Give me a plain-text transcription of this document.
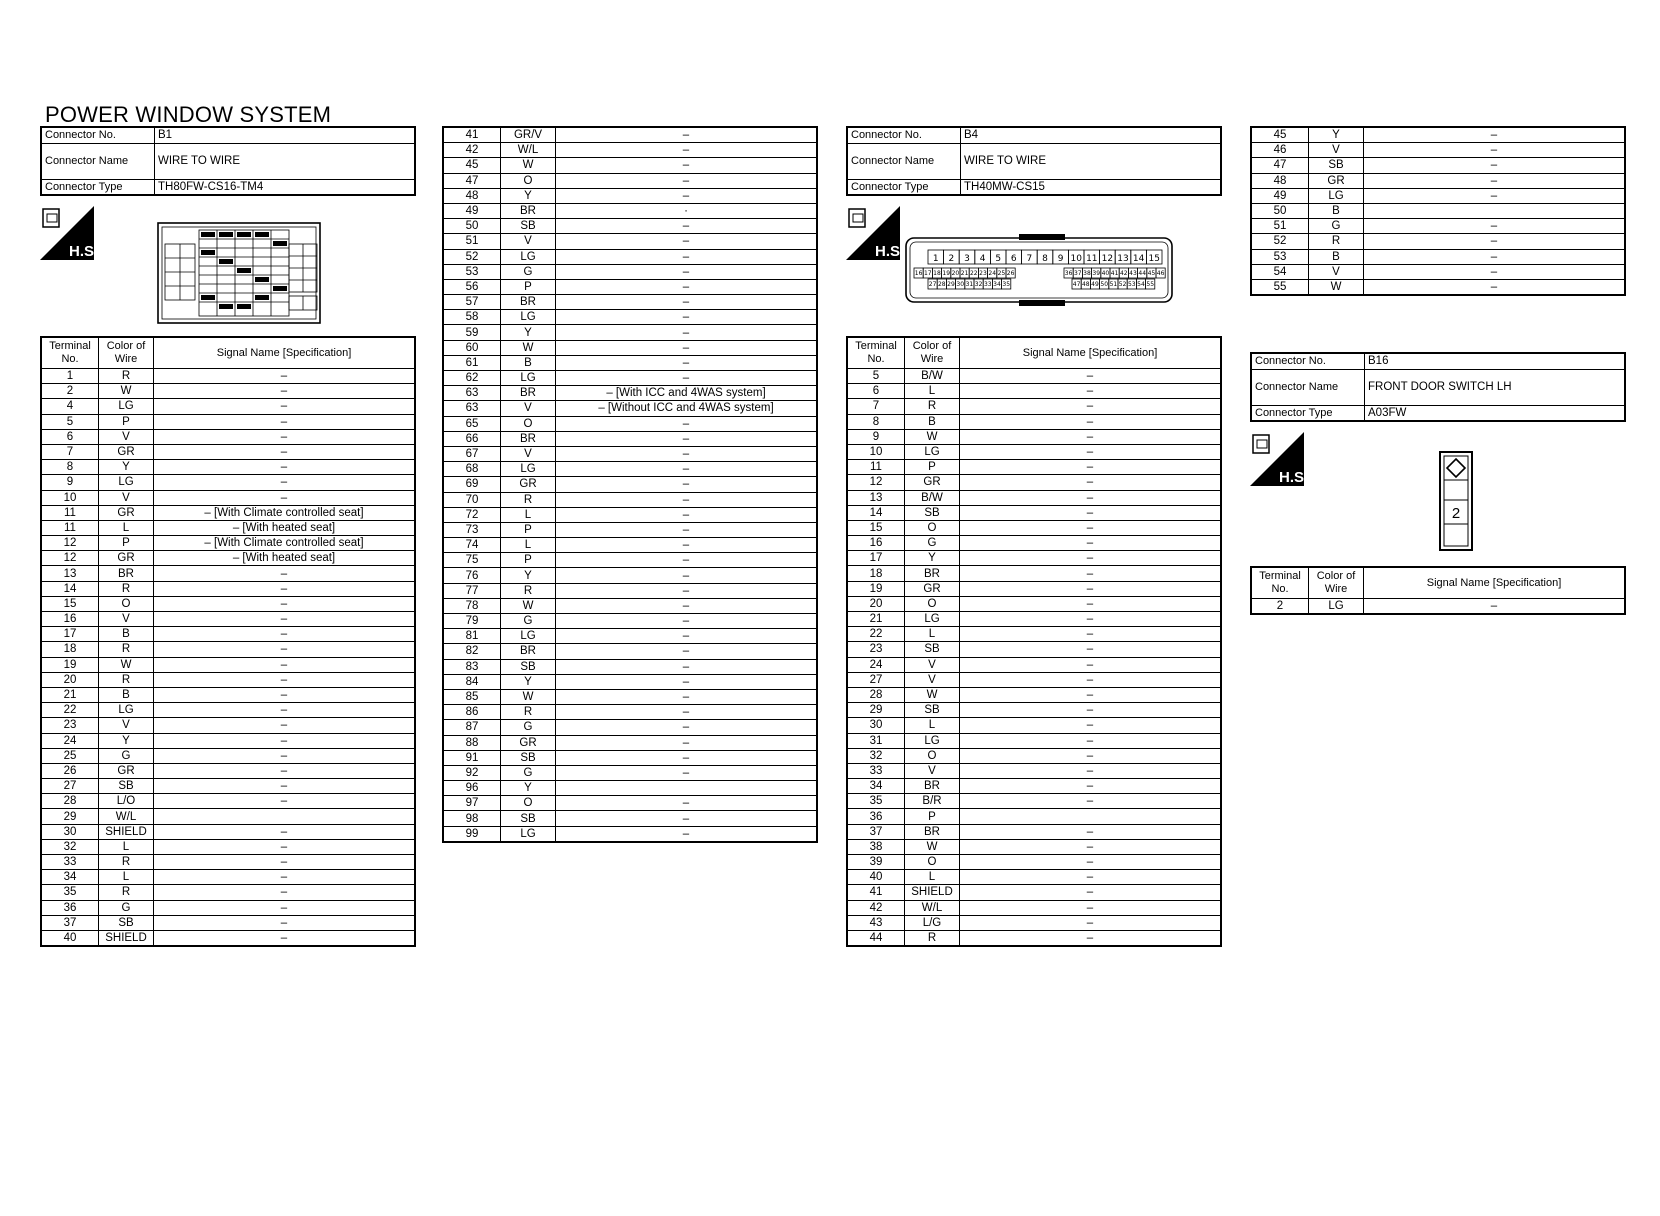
POWER WINDOW SYSTEM
Connector No.	B1
Connector Name	WIRE TO WIRE
Connector Type	TH80FW-CS16-TM4
H.S.
Terminal No.	Color of Wire	Signal Name [Specification]
1	R	–
2	W	–
4	LG	–
5	P	–
6	V	–
7	GR	–
8	Y	–
9	LG	–
10	V	–
11	GR	– [With Climate controlled seat]
11	L	– [With heated seat]
12	P	– [With Climate controlled seat]
12	GR	– [With heated seat]
13	BR	–
14	R	–
15	O	–
16	V	–
17	B	–
18	R	–
19	W	–
20	R	–
21	B	–
22	LG	–
23	V	–
24	Y	–
25	G	–
26	GR	–
27	SB	–
28	L/O	–
29	W/L	
30	SHIELD	–
32	L	–
33	R	–
34	L	–
35	R	–
36	G	–
37	SB	–
40	SHIELD	–
41	GR/V	–
42	W/L	–
45	W	–
47	O	–
48	Y	–
49	BR	·
50	SB	–
51	V	–
52	LG	–
53	G	–
56	P	–
57	BR	–
58	LG	–
59	Y	–
60	W	–
61	B	–
62	LG	–
63	BR	– [With ICC and 4WAS system]
63	V	– [Without ICC and 4WAS system]
65	O	–
66	BR	–
67	V	–
68	LG	–
69	GR	–
70	R	–
72	L	–
73	P	–
74	L	–
75	P	–
76	Y	–
77	R	–
78	W	–
79	G	–
81	LG	–
82	BR	–
83	SB	–
84	Y	–
85	W	–
86	R	–
87	G	–
88	GR	–
91	SB	–
92	G	–
96	Y	
97	O	–
98	SB	–
99	LG	–
Connector No.	B4
Connector Name	WIRE TO WIRE
Connector Type	TH40MW-CS15
H.S.	1 2 3 4 5 6 7 8 9 10 11 12 13 14 15
16 17 18 19 20 21 22 23 24 25 26	36 37 38 39 40 41 42 43 44 45 46
27 28 29 30 31 32 33 34 35	47 48 49 50 51 52 53 54 55
Terminal No.	Color of Wire	Signal Name [Specification]
5	B/W	–
6	L	–
7	R	–
8	B	–
9	W	–
10	LG	–
11	P	–
12	GR	–
13	B/W	–
14	SB	–
15	O	–
16	G	–
17	Y	–
18	BR	–
19	GR	–
20	O	–
21	LG	–
22	L	–
23	SB	–
24	V	–
27	V	–
28	W	–
29	SB	–
30	L	–
31	LG	–
32	O	–
33	V	–
34	BR	–
35	B/R	–
36	P	
37	BR	–
38	W	–
39	O	–
40	L	–
41	SHIELD	–
42	W/L	–
43	L/G	–
44	R	–
45	Y	–
46	V	–
47	SB	–
48	GR	–
49	LG	–
50	B	
51	G	–
52	R	–
53	B	–
54	V	–
55	W	–
Connector No.	B16
Connector Name	FRONT DOOR SWITCH LH
Connector Type	A03FW
H.S.
2
Terminal No.	Color of Wire	Signal Name [Specification]
2	LG	–
